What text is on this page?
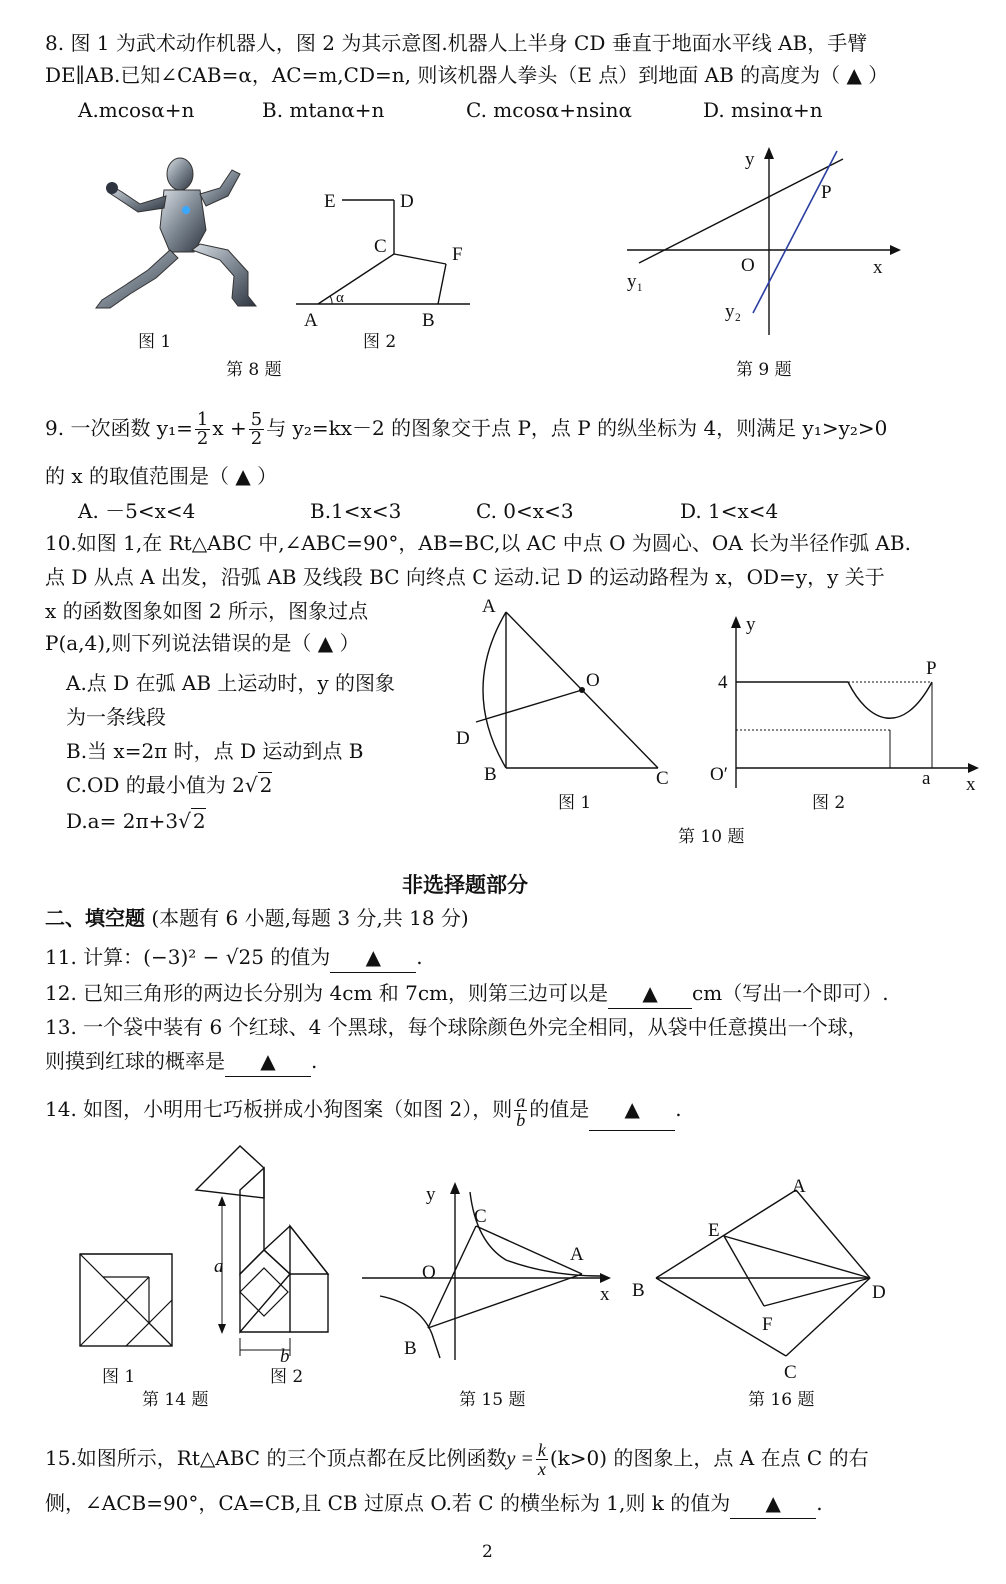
8. 图 1 为武术动作机器人，图 2 为其示意图.机器人上半身 CD 垂直于地面水平线 AB，手臂
DE∥AB.已知∠CAB=α，AC=m,CD=n, 则该机器人拳头（E 点）到地面 AB 的高度为（ ▲ ）
A.mcosα+n	B. mtanα+n	C. mcosα+nsinα	D. msinα+n
图 1
E	D
C	F
A	B
α
图 2
第 8 题
y
x
O
P
y₁
y₂
第 9 题
9. 一次函数 $y_1= \frac{1}{2}$ $x + \frac{5}{2}$ 与 y₂=kx－2 的图象交于点 P，点 P 的纵坐标为 4，则满足 y₁>y₂>0
的 x 的取值范围是（ ▲ ）
A. －5<x<4	B.1<x<3	C. 0<x<3	D. 1<x<4
10.如图 1,在 Rt△ABC 中,∠ABC=90°，AB=BC,以 AC 中点 O 为圆心、OA 长为半径作弧 AB.
点 D 从点 A 出发，沿弧 AB 及线段 BC 向终点 C 运动.记 D 的运动路程为 x，OD=y，y 关于
x 的函数图象如图 2 所示，图象过点
P(a,4),则下列说法错误的是（ ▲ ）
A.点 D 在弧 AB 上运动时，y 的图象
为一条线段
B.当 x=2π 时，点 D 运动到点 B
C.OD 的最小值为 2√ 2
D.a= 2π+3√ 2
A
O
D
B	C
图 1
y
4
P
O′	a x
图 2
第 10 题
非选择题部分
二、填空题 (本题有 6 小题,每题 3 分,共 18 分)
11. 计算：(−3)² − √25 的值为 ▲ .
12. 已知三角形的两边长分别为 4cm 和 7cm，则第三边可以是 ▲ cm（写出一个即可）.
13. 一个袋中装有 6 个红球、4 个黑球，每个球除颜色外完全相同，从袋中任意摸出一个球，
则摸到红球的概率是 ▲ .
14. 如图，小明用七巧板拼成小狗图案（如图 2），则 $\frac{a}{b}$ 的值是 ▲ .
图 1
a
b
图 2
第 14 题
y
x
O
C
A
B
第 15 题
A
E
B	D
F
C
第 16 题
15.如图所示，Rt△ABC 的三个顶点都在反比例函数$y = \frac{k}{x} (k>0)$ 的图象上，点 A 在点 C 的右
侧，∠ACB=90°，CA=CB,且 CB 过原点 O.若 C 的横坐标为 1,则 k 的值为 ▲ .
2
